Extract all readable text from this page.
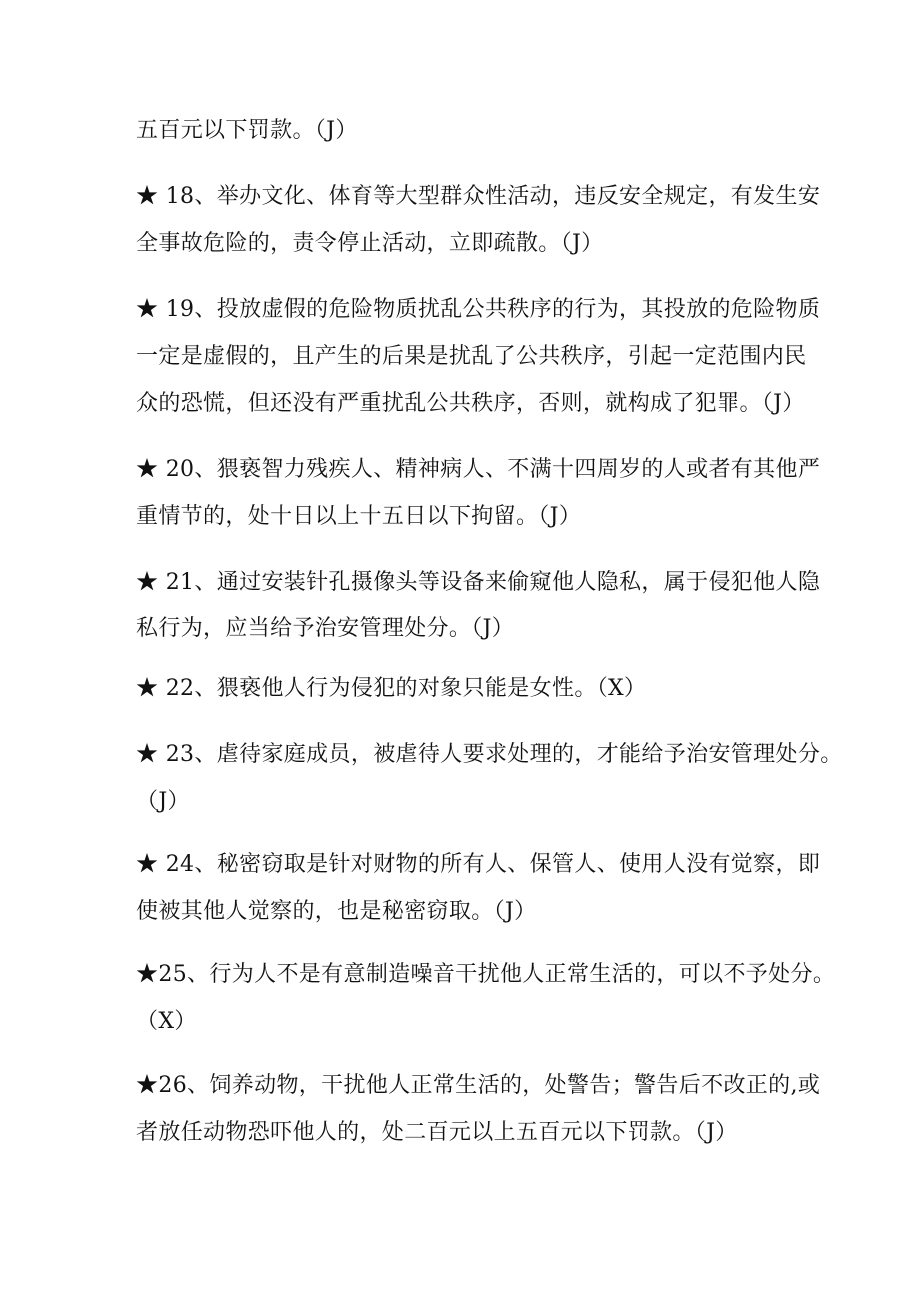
五百元以下罚款。（J）
★ 18、举办文化、体育等大型群众性活动，违反安全规定，有发生安
全事故危险的，责令停止活动，立即疏散。（J）
★ 19、投放虚假的危险物质扰乱公共秩序的行为，其投放的危险物质
一定是虚假的，且产生的后果是扰乱了公共秩序，引起一定范围内民
众的恐慌，但还没有严重扰乱公共秩序，否则，就构成了犯罪。（J）
★ 20、猥亵智力残疾人、精神病人、不满十四周岁的人或者有其他严
重情节的，处十日以上十五日以下拘留。（J）
★ 21、通过安装针孔摄像头等设备来偷窥他人隐私，属于侵犯他人隐
私行为，应当给予治安管理处分。（J）
★ 22、猥亵他人行为侵犯的对象只能是女性。（X）
★ 23、虐待家庭成员，被虐待人要求处理的，才能给予治安管理处分。
（J）
★ 24、秘密窃取是针对财物的所有人、保管人、使用人没有觉察，即
使被其他人觉察的，也是秘密窃取。（J）
★25、行为人不是有意制造噪音干扰他人正常生活的，可以不予处分。
（X）
★26、饲养动物，干扰他人正常生活的，处警告；警告后不改正的,或
者放任动物恐吓他人的，处二百元以上五百元以下罚款。（J）
